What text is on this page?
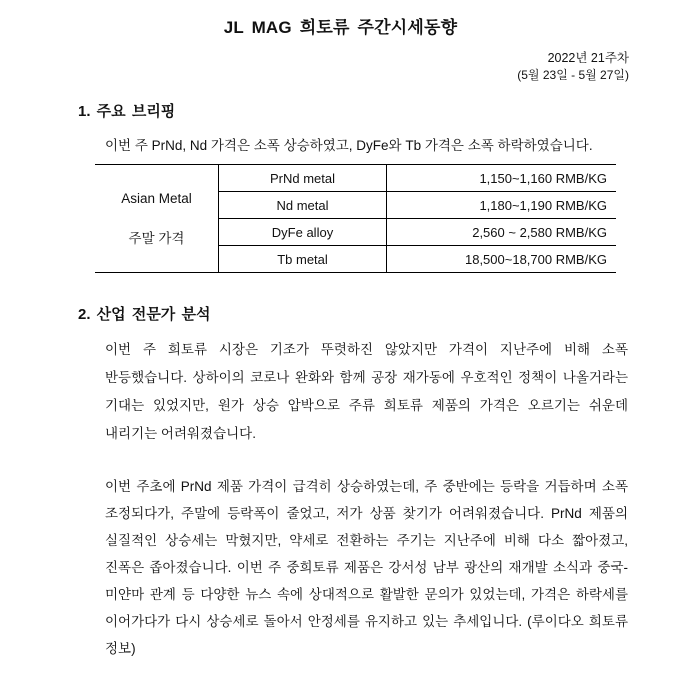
JL MAG 희토류 주간시세동향
2022년 21주차
(5월 23일 - 5월 27일)
1. 주요 브리핑
이번 주 PrNd, Nd 가격은 소폭 상승하였고, DyFe와 Tb 가격은 소폭 하락하였습니다.
Asian Metal
주말 가격	PrNd metal	1,150~1,160 RMB/KG
	Nd metal	1,180~1,190 RMB/KG
	DyFe alloy	2,560 ~ 2,580 RMB/KG
	Tb metal	18,500~18,700 RMB/KG
2. 산업 전문가 분석
이번 주 희토류 시장은 기조가 뚜렷하진 않았지만 가격이 지난주에 비해 소폭 반등했습니다. 상하이의 코로나 완화와 함께 공장 재가동에 우호적인 정책이 나올거라는 기대는 있었지만, 원가 상승 압박으로 주류 희토류 제품의 가격은 오르기는 쉬운데 내리기는 어려워졌습니다.
이번 주초에 PrNd 제품 가격이 급격히 상승하였는데, 주 중반에는 등락을 거듭하며 소폭 조정되다가, 주말에 등락폭이 줄었고, 저가 상품 찾기가 어려워졌습니다. PrNd 제품의 실질적인 상승세는 막혔지만, 약세로 전환하는 주기는 지난주에 비해 다소 짧아졌고, 진폭은 좁아졌습니다. 이번 주 중희토류 제품은 강서성 남부 광산의 재개발 소식과 중국-미얀마 관계 등 다양한 뉴스 속에 상대적으로 활발한 문의가 있었는데, 가격은 하락세를 이어가다가 다시 상승세로 돌아서 안정세를 유지하고 있는 추세입니다. (루이다오 희토류 정보)
